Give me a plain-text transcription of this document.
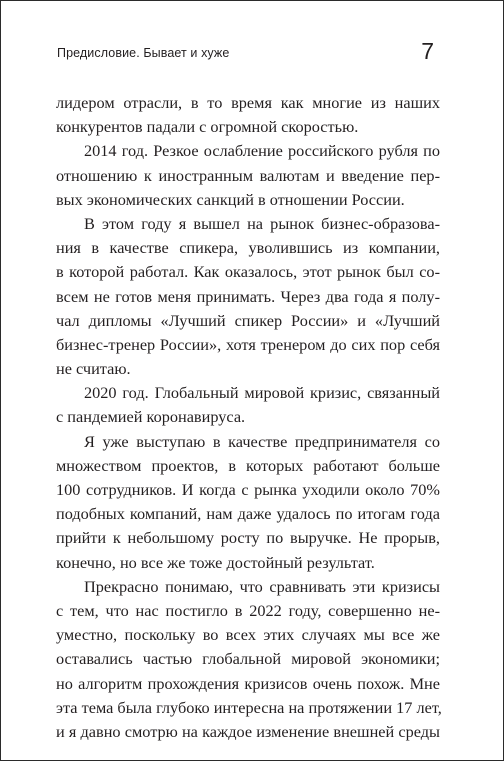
Предисловие. Бывает и хуже	7
лидером отрасли, в то время как многие из наших
конкурентов падали с огромной скоростью.
2014 год. Резкое ослабление российского рубля по
отношению к иностранным валютам и введение пер-
вых экономических санкций в отношении России.
В этом году я вышел на рынок бизнес-образова-
ния в качестве спикера, уволившись из компании,
в которой работал. Как оказалось, этот рынок был со-
всем не готов меня принимать. Через два года я полу-
чал дипломы «Лучший спикер России» и «Лучший
бизнес-тренер России», хотя тренером до сих пор себя
не считаю.
2020 год. Глобальный мировой кризис, связанный
с пандемией коронавируса.
Я уже выступаю в качестве предпринимателя со
множеством проектов, в которых работают больше
100 сотрудников. И когда с рынка уходили около 70%
подобных компаний, нам даже удалось по итогам года
прийти к небольшому росту по выручке. Не прорыв,
конечно, но все же тоже достойный результат.
Прекрасно понимаю, что сравнивать эти кризисы
с тем, что нас постигло в 2022 году, совершенно не-
уместно, поскольку во всех этих случаях мы все же
оставались частью глобальной мировой экономики;
но алгоритм прохождения кризисов очень похож. Мне
эта тема была глубоко интересна на протяжении 17 лет,
и я давно смотрю на каждое изменение внешней среды
